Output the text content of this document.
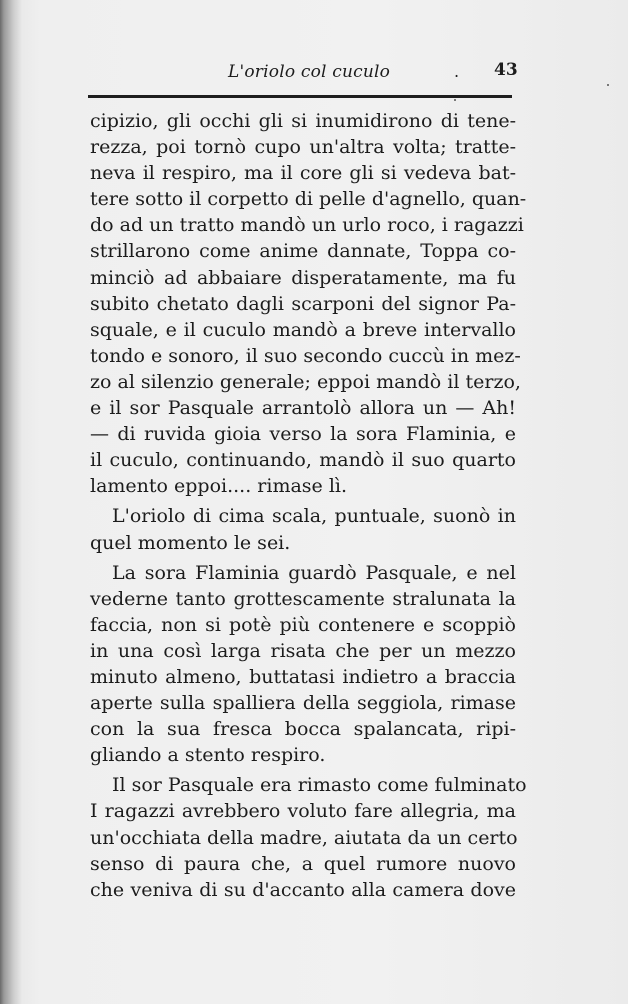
L'oriolo col cuculo	. 43
cipizio, gli occhi gli si inumidirono di tene-
rezza, poi tornò cupo un'altra volta; tratte-
neva il respiro, ma il core gli si vedeva bat-
tere sotto il corpetto di pelle d'agnello, quan-
do ad un tratto mandò un urlo roco, i ragazzi
strillarono come anime dannate, Toppa co-
minciò ad abbaiare disperatamente, ma fu
subito chetato dagli scarponi del signor Pa-
squale, e il cuculo mandò a breve intervallo
tondo e sonoro, il suo secondo cuccù in mez-
zo al silenzio generale; eppoi mandò il terzo,
e il sor Pasquale arrantolò allora un — Ah!
— di ruvida gioia verso la sora Flaminia, e
il cuculo, continuando, mandò il suo quarto
lamento eppoi.... rimase lì.
L'oriolo di cima scala, puntuale, suonò in
quel momento le sei.
La sora Flaminia guardò Pasquale, e nel
vederne tanto grottescamente stralunata la
faccia, non si potè più contenere e scoppiò
in una così larga risata che per un mezzo
minuto almeno, buttatasi indietro a braccia
aperte sulla spalliera della seggiola, rimase
con la sua fresca bocca spalancata, ripi-
gliando a stento respiro.
Il sor Pasquale era rimasto come fulminato
I ragazzi avrebbero voluto fare allegria, ma
un'occhiata della madre, aiutata da un certo
senso di paura che, a quel rumore nuovo
che veniva di su d'accanto alla camera dove
